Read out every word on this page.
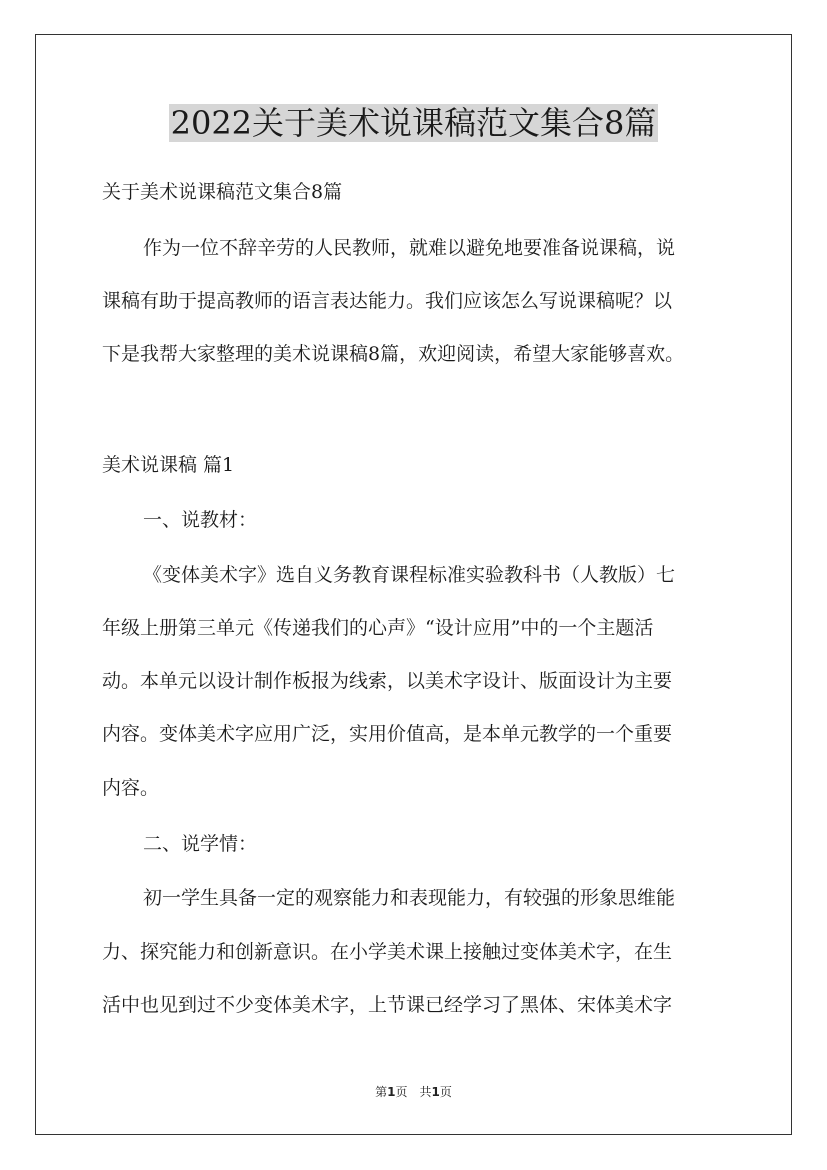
2022关于美术说课稿范文集合8篇

关于美术说课稿范文集合8篇

作为一位不辞辛劳的人民教师，就难以避免地要准备说课稿，说

课稿有助于提高教师的语言表达能力。我们应该怎么写说课稿呢？以

下是我帮大家整理的美术说课稿8篇，欢迎阅读，希望大家能够喜欢。

美术说课稿 篇1

一、说教材：

《变体美术字》选自义务教育课程标准实验教科书（人教版）七

年级上册第三单元《传递我们的心声》“设计应用”中的一个主题活

动。本单元以设计制作板报为线索，以美术字设计、版面设计为主要

内容。变体美术字应用广泛，实用价值高，是本单元教学的一个重要

内容。

二、说学情：

初一学生具备一定的观察能力和表现能力，有较强的形象思维能

力、探究能力和创新意识。在小学美术课上接触过变体美术字，在生

活中也见到过不少变体美术字，上节课已经学习了黑体、宋体美术字

第1页　共1页
